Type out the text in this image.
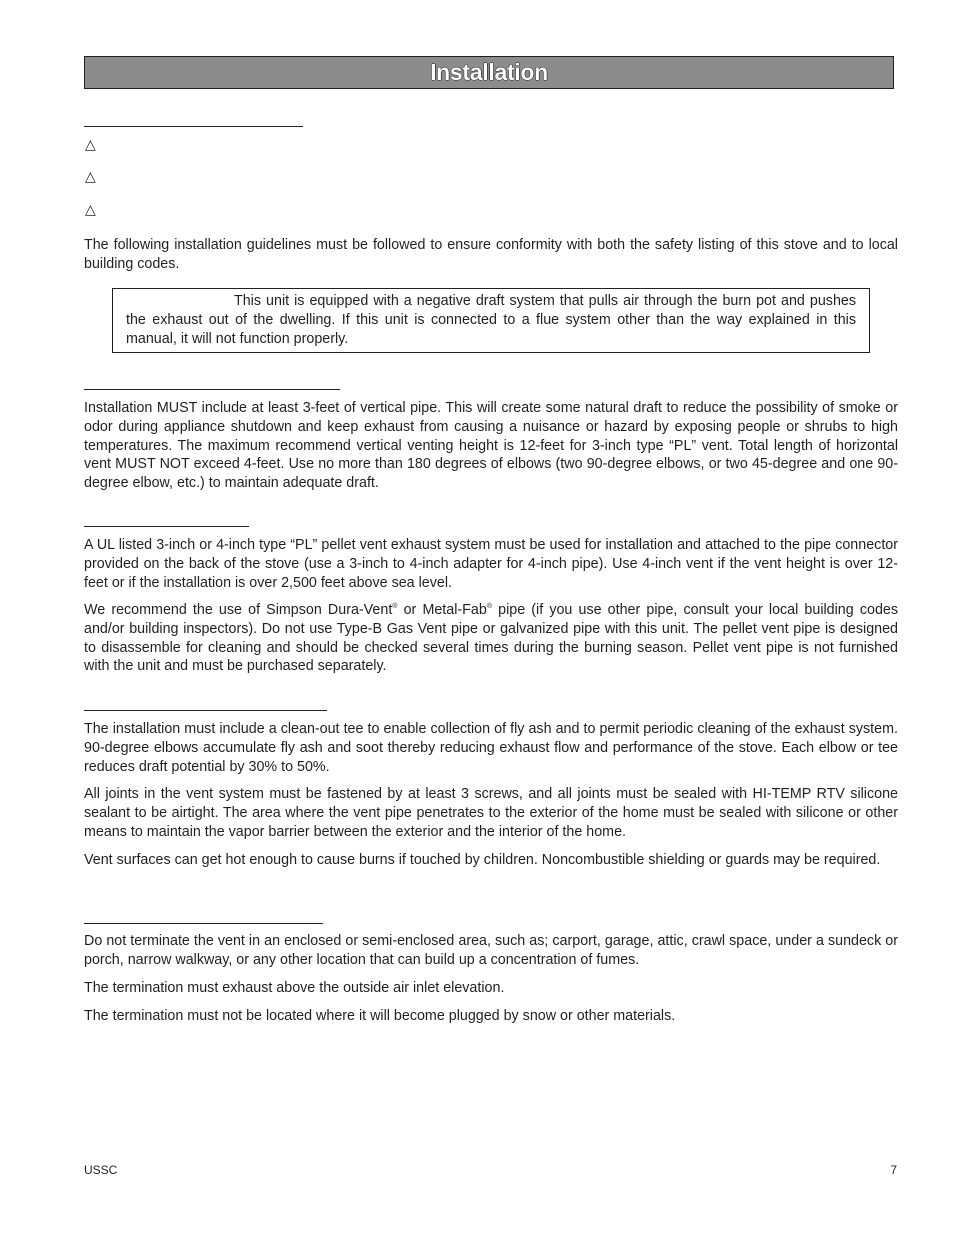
Installation
△
△
△

The following installation guidelines must be followed to ensure conformity with both the safety listing of this stove and to local building codes.

This unit is equipped with a negative draft system that pulls air through the burn pot and pushes the exhaust out of the dwelling. If this unit is connected to a flue system other than the way explained in this manual, it will not function properly.

Installation MUST include at least 3-feet of vertical pipe. This will create some natural draft to reduce the possibility of smoke or odor during appliance shutdown and keep exhaust from causing a nuisance or hazard by exposing people or shrubs to high temperatures. The maximum recommend vertical venting height is 12-feet for 3-inch type “PL” vent. Total length of horizontal vent MUST NOT exceed 4-feet. Use no more than 180 degrees of elbows (two 90-degree elbows, or two 45-degree and one 90-degree elbow, etc.) to maintain adequate draft.

A UL listed 3-inch or 4-inch type “PL” pellet vent exhaust system must be used for installation and attached to the pipe connector provided on the back of the stove (use a 3-inch to 4-inch adapter for 4-inch pipe). Use 4-inch vent if the vent height is over 12-feet or if the installation is over 2,500 feet above sea level.

We recommend the use of Simpson Dura-Vent® or Metal-Fab® pipe (if you use other pipe, consult your local building codes and/or building inspectors). Do not use Type-B Gas Vent pipe or galvanized pipe with this unit. The pellet vent pipe is designed to disassemble for cleaning and should be checked several times during the burning season. Pellet vent pipe is not furnished with the unit and must be purchased separately.

The installation must include a clean-out tee to enable collection of fly ash and to permit periodic cleaning of the exhaust system. 90-degree elbows accumulate fly ash and soot thereby reducing exhaust flow and performance of the stove. Each elbow or tee reduces draft potential by 30% to 50%.

All joints in the vent system must be fastened by at least 3 screws, and all joints must be sealed with HI-TEMP RTV silicone sealant to be airtight. The area where the vent pipe penetrates to the exterior of the home must be sealed with silicone or other means to maintain the vapor barrier between the exterior and the interior of the home.

Vent surfaces can get hot enough to cause burns if touched by children. Noncombustible shielding or guards may be required.

Do not terminate the vent in an enclosed or semi-enclosed area, such as; carport, garage, attic, crawl space, under a sundeck or porch, narrow walkway, or any other location that can build up a concentration of fumes.

The termination must exhaust above the outside air inlet elevation.

The termination must not be located where it will become plugged by snow or other materials.

USSC	7
